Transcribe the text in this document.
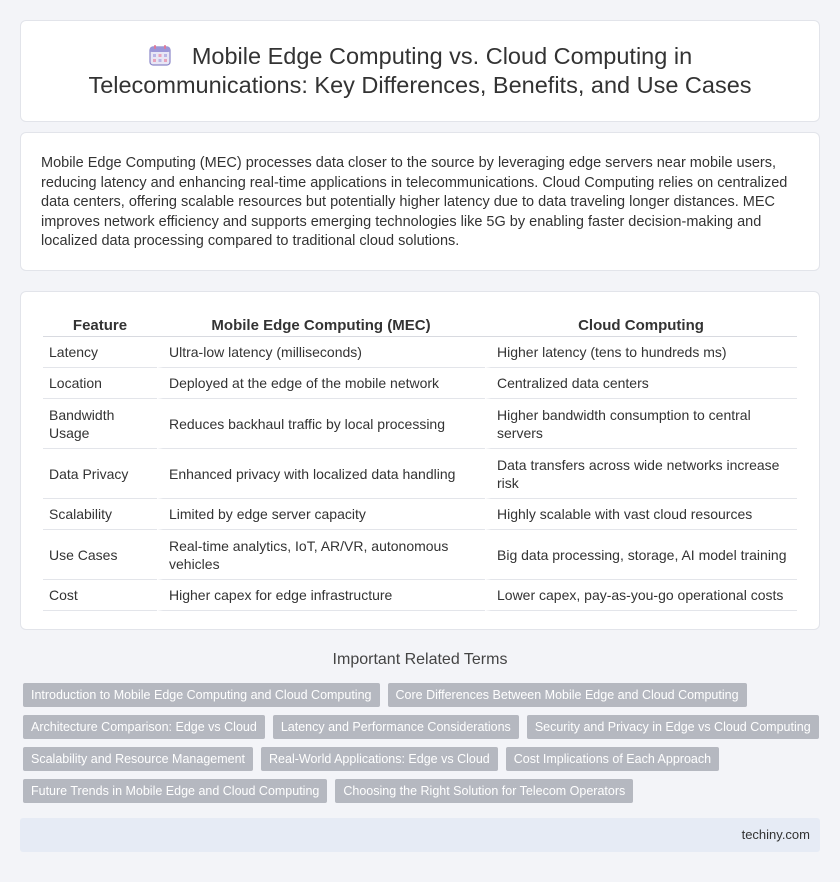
Mobile Edge Computing vs. Cloud Computing in Telecommunications: Key Differences, Benefits, and Use Cases

Mobile Edge Computing (MEC) processes data closer to the source by leveraging edge servers near mobile users, reducing latency and enhancing real-time applications in telecommunications. Cloud Computing relies on centralized data centers, offering scalable resources but potentially higher latency due to data traveling longer distances. MEC improves network efficiency and supports emerging technologies like 5G by enabling faster decision-making and localized data processing compared to traditional cloud solutions.

Feature	Mobile Edge Computing (MEC)	Cloud Computing
Latency	Ultra-low latency (milliseconds)	Higher latency (tens to hundreds ms)
Location	Deployed at the edge of the mobile network	Centralized data centers
Bandwidth Usage	Reduces backhaul traffic by local processing	Higher bandwidth consumption to central servers
Data Privacy	Enhanced privacy with localized data handling	Data transfers across wide networks increase risk
Scalability	Limited by edge server capacity	Highly scalable with vast cloud resources
Use Cases	Real-time analytics, IoT, AR/VR, autonomous vehicles	Big data processing, storage, AI model training
Cost	Higher capex for edge infrastructure	Lower capex, pay-as-you-go operational costs
Important Related Terms
Introduction to Mobile Edge Computing and Cloud Computing	Core Differences Between Mobile Edge and Cloud Computing
Architecture Comparison: Edge vs Cloud	Latency and Performance Considerations	Security and Privacy in Edge vs Cloud Computing
Scalability and Resource Management	Real-World Applications: Edge vs Cloud	Cost Implications of Each Approach
Future Trends in Mobile Edge and Cloud Computing	Choosing the Right Solution for Telecom Operators
techiny.com
